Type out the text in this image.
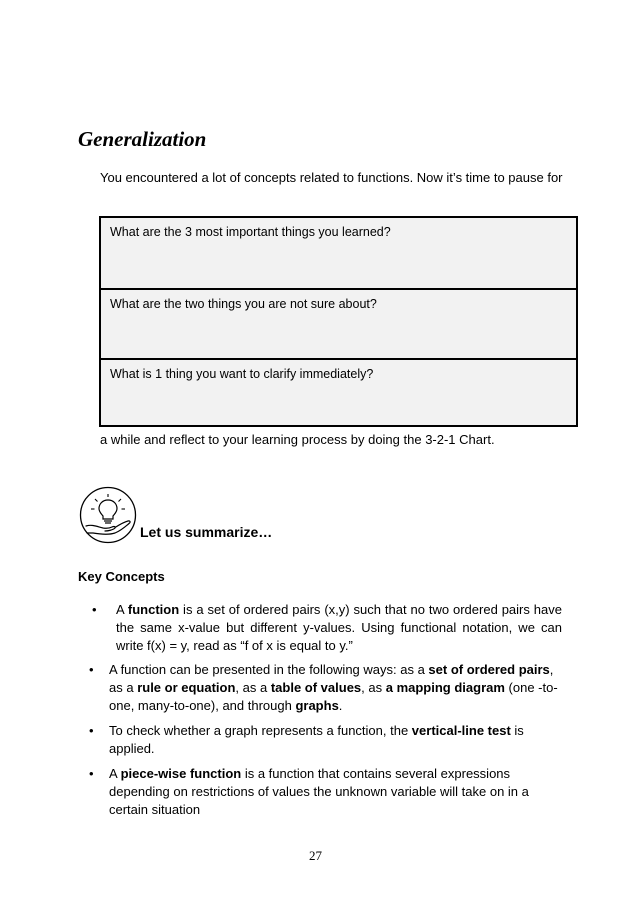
Generalization
You encountered a lot of concepts related to functions. Now it’s time to pause for
What are the 3 most important things you learned?
What are the two things you are not sure about?
What is 1 thing you want to clarify immediately?
a while and reflect to your learning process by doing the 3-2-1 Chart.
Let us summarize…
Key Concepts
• A function is a set of ordered pairs (x,y) such that no two ordered pairs have the same x-value but different y-values. Using functional notation, we can write f(x) = y, read as “f of x is equal to y.”
• A function can be presented in the following ways: as a set of ordered pairs, as a rule or equation, as a table of values, as a mapping diagram (one -to-one, many-to-one), and through graphs.
• To check whether a graph represents a function, the vertical-line test is applied.
• A piece-wise function is a function that contains several expressions depending on restrictions of values the unknown variable will take on in a certain situation
27
